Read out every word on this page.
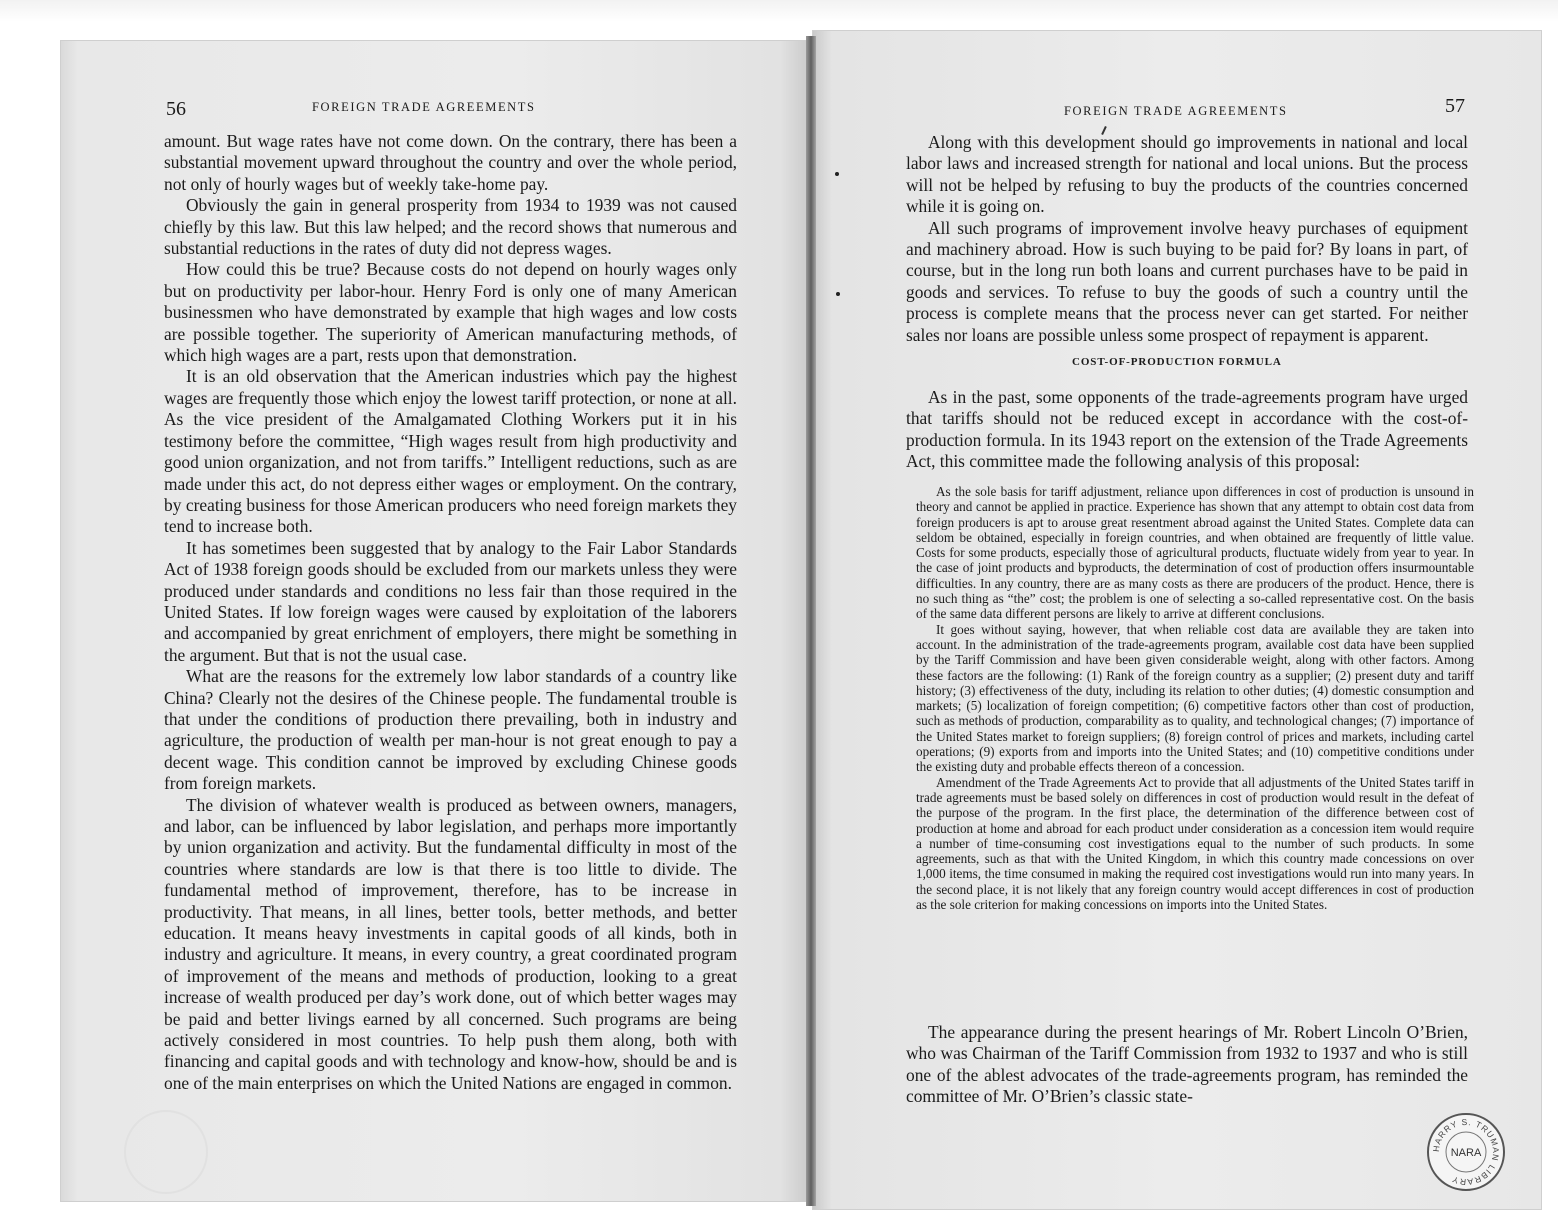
56	FOREIGN TRADE AGREEMENTS

amount. But wage rates have not come down. On the contrary, there has been a substantial movement upward throughout the country and over the whole period, not only of hourly wages but of weekly take-home pay.

Obviously the gain in general prosperity from 1934 to 1939 was not caused chiefly by this law. But this law helped; and the record shows that numerous and substantial reductions in the rates of duty did not depress wages.

How could this be true? Because costs do not depend on hourly wages only but on productivity per labor-hour. Henry Ford is only one of many American businessmen who have demonstrated by example that high wages and low costs are possible together. The superiority of American manufacturing methods, of which high wages are a part, rests upon that demonstration.

It is an old observation that the American industries which pay the highest wages are frequently those which enjoy the lowest tariff protection, or none at all. As the vice president of the Amalgamated Clothing Workers put it in his testimony before the committee, “High wages result from high productivity and good union organization, and not from tariffs.” Intelligent reductions, such as are made under this act, do not depress either wages or employment. On the contrary, by creating business for those American producers who need foreign markets they tend to increase both.

It has sometimes been suggested that by analogy to the Fair Labor Standards Act of 1938 foreign goods should be excluded from our markets unless they were produced under standards and conditions no less fair than those required in the United States. If low foreign wages were caused by exploitation of the laborers and accompanied by great enrichment of employers, there might be something in the argument. But that is not the usual case.

What are the reasons for the extremely low labor standards of a country like China? Clearly not the desires of the Chinese people. The fundamental trouble is that under the conditions of production there prevailing, both in industry and agriculture, the production of wealth per man-hour is not great enough to pay a decent wage. This condition cannot be improved by excluding Chinese goods from foreign markets.

The division of whatever wealth is produced as between owners, managers, and labor, can be influenced by labor legislation, and perhaps more importantly by union organization and activity. But the fundamental difficulty in most of the countries where standards are low is that there is too little to divide. The fundamental method of improvement, therefore, has to be increase in productivity. That means, in all lines, better tools, better methods, and better education. It means heavy investments in capital goods of all kinds, both in industry and agriculture. It means, in every country, a great coordinated program of improvement of the means and methods of production, looking to a great increase of wealth produced per day’s work done, out of which better wages may be paid and better livings earned by all concerned. Such programs are being actively considered in most countries. To help push them along, both with financing and capital goods and with technology and know-how, should be and is one of the main enterprises on which the United Nations are engaged in common.

FOREIGN TRADE AGREEMENTS	57

Along with this development should go improvements in national and local labor laws and increased strength for national and local unions. But the process will not be helped by refusing to buy the products of the countries concerned while it is going on.

All such programs of improvement involve heavy purchases of equipment and machinery abroad. How is such buying to be paid for? By loans in part, of course, but in the long run both loans and current purchases have to be paid in goods and services. To refuse to buy the goods of such a country until the process is complete means that the process never can get started. For neither sales nor loans are possible unless some prospect of repayment is apparent.

COST-OF-PRODUCTION FORMULA

As in the past, some opponents of the trade-agreements program have urged that tariffs should not be reduced except in accordance with the cost-of-production formula. In its 1943 report on the extension of the Trade Agreements Act, this committee made the following analysis of this proposal:

As the sole basis for tariff adjustment, reliance upon differences in cost of production is unsound in theory and cannot be applied in practice. Experience has shown that any attempt to obtain cost data from foreign producers is apt to arouse great resentment abroad against the United States. Complete data can seldom be obtained, especially in foreign countries, and when obtained are frequently of little value. Costs for some products, especially those of agricultural products, fluctuate widely from year to year. In the case of joint products and byproducts, the determination of cost of production offers insurmountable difficulties. In any country, there are as many costs as there are producers of the product. Hence, there is no such thing as “the” cost; the problem is one of selecting a so-called representative cost. On the basis of the same data different persons are likely to arrive at different conclusions.

It goes without saying, however, that when reliable cost data are available they are taken into account. In the administration of the trade-agreements program, available cost data have been supplied by the Tariff Commission and have been given considerable weight, along with other factors. Among these factors are the following: (1) Rank of the foreign country as a supplier; (2) present duty and tariff history; (3) effectiveness of the duty, including its relation to other duties; (4) domestic consumption and markets; (5) localization of foreign competition; (6) competitive factors other than cost of production, such as methods of production, comparability as to quality, and technological changes; (7) importance of the United States market to foreign suppliers; (8) foreign control of prices and markets, including cartel operations; (9) exports from and imports into the United States; and (10) competitive conditions under the existing duty and probable effects thereon of a concession.

Amendment of the Trade Agreements Act to provide that all adjustments of the United States tariff in trade agreements must be based solely on differences in cost of production would result in the defeat of the purpose of the program. In the first place, the determination of the difference between cost of production at home and abroad for each product under consideration as a concession item would require a number of time-consuming cost investigations equal to the number of such products. In some agreements, such as that with the United Kingdom, in which this country made concessions on over 1,000 items, the time consumed in making the required cost investigations would run into many years. In the second place, it is not likely that any foreign country would accept differences in cost of production as the sole criterion for making concessions on imports into the United States.

The appearance during the present hearings of Mr. Robert Lincoln O’Brien, who was Chairman of the Tariff Commission from 1932 to 1937 and who is still one of the ablest advocates of the trade-agreements program, has reminded the committee of Mr. O’Brien’s classic state-

HARRY S. TRUMAN LIBRARY
NARA
